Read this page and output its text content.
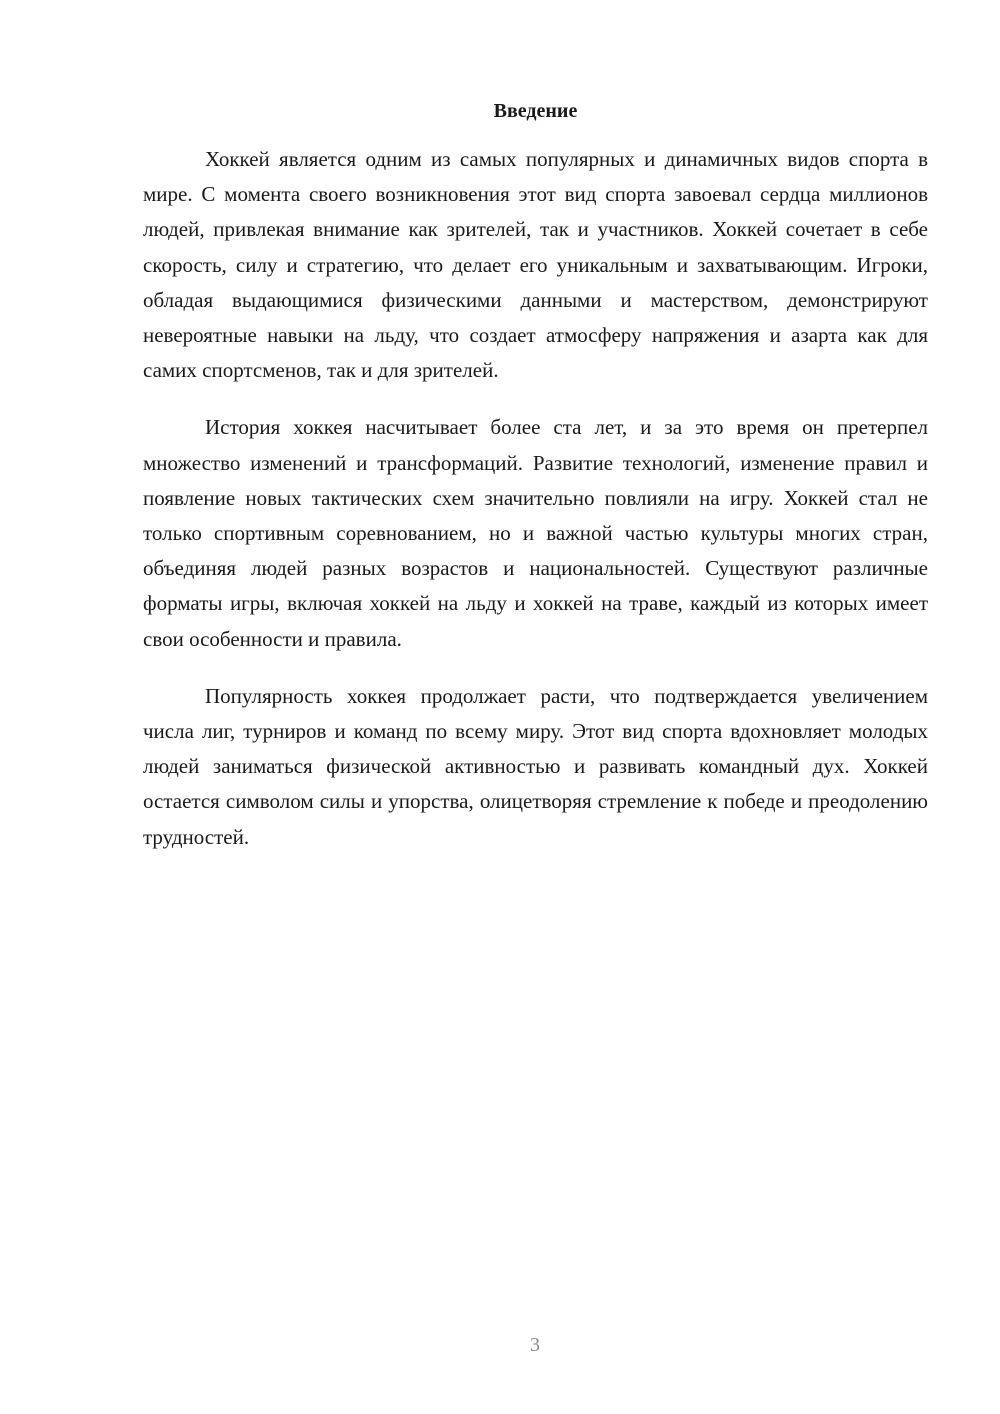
Введение

Хоккей является одним из самых популярных и динамичных видов спорта в мире. С момента своего возникновения этот вид спорта завоевал сердца миллионов людей, привлекая внимание как зрителей, так и участников. Хоккей сочетает в себе скорость, силу и стратегию, что делает его уникальным и захватывающим. Игроки, обладая выдающимися физическими данными и мастерством, демонстрируют невероятные навыки на льду, что создает атмосферу напряжения и азарта как для самих спортсменов, так и для зрителей.

История хоккея насчитывает более ста лет, и за это время он претерпел множество изменений и трансформаций. Развитие технологий, изменение правил и появление новых тактических схем значительно повлияли на игру. Хоккей стал не только спортивным соревнованием, но и важной частью культуры многих стран, объединяя людей разных возрастов и национальностей. Существуют различные форматы игры, включая хоккей на льду и хоккей на траве, каждый из которых имеет свои особенности и правила.

Популярность хоккея продолжает расти, что подтверждается увеличением числа лиг, турниров и команд по всему миру. Этот вид спорта вдохновляет молодых людей заниматься физической активностью и развивать командный дух. Хоккей остается символом силы и упорства, олицетворяя стремление к победе и преодолению трудностей.

3
